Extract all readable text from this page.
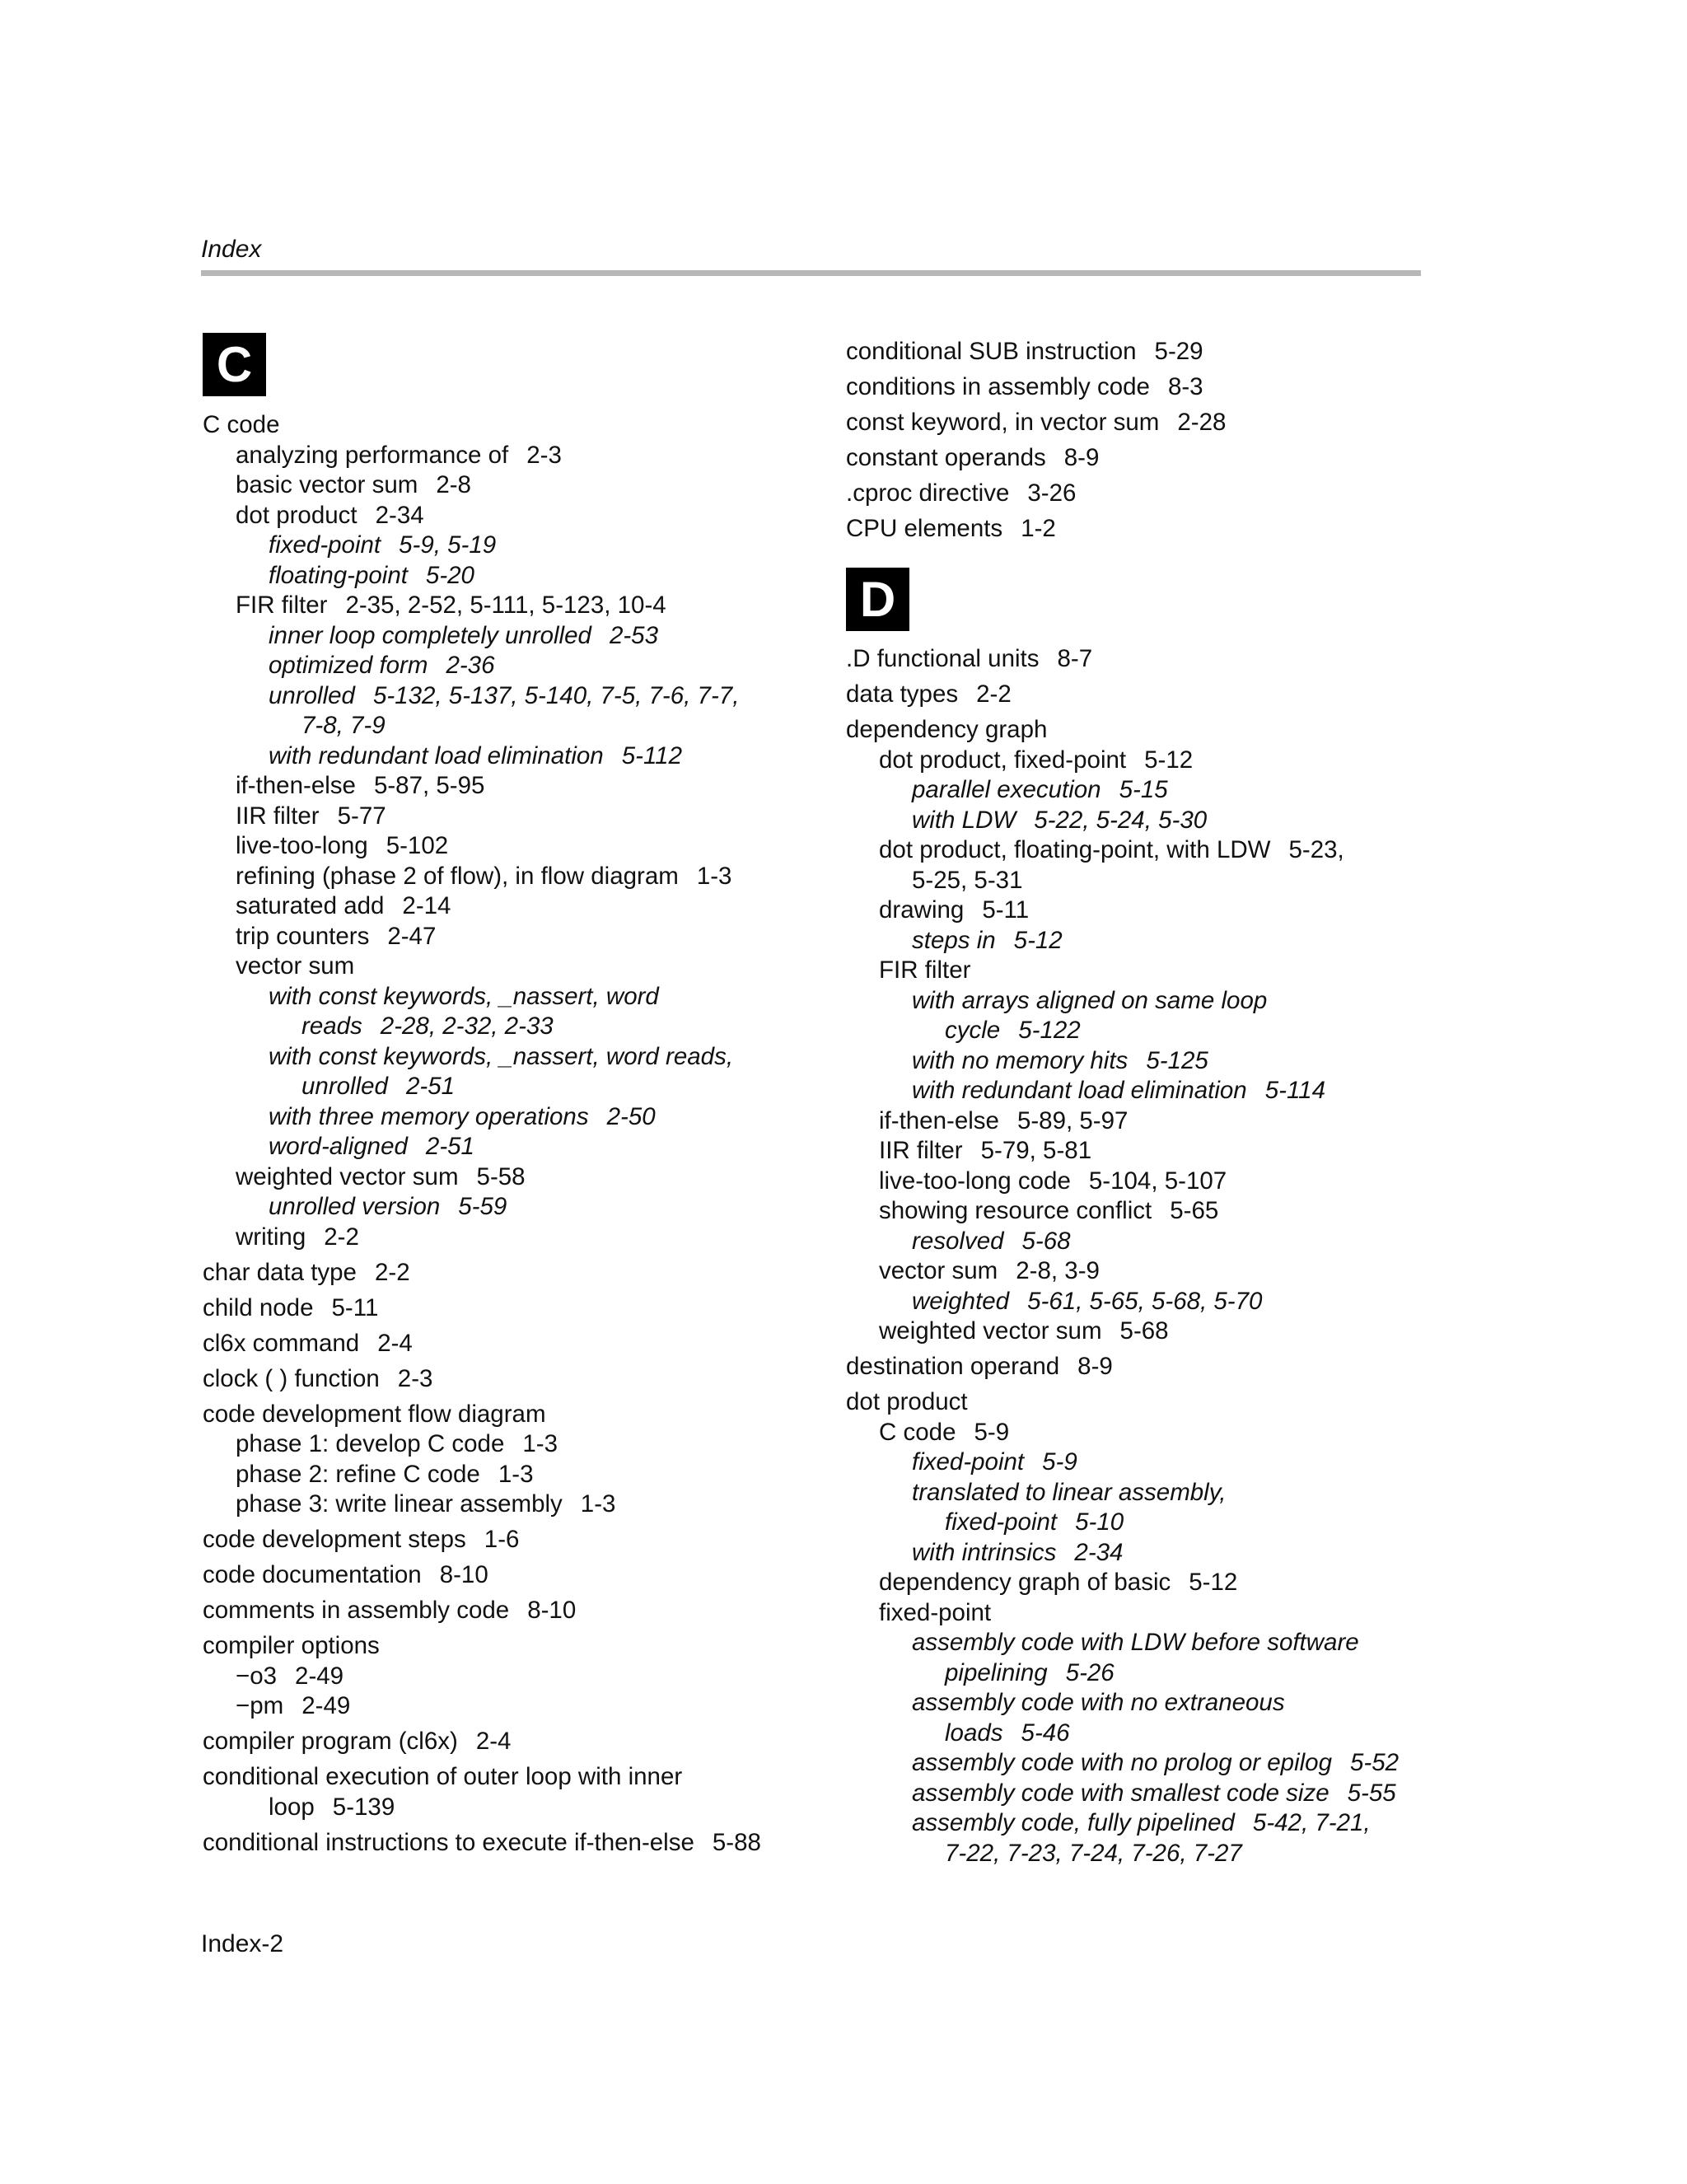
Index
C
C code
analyzing performance of 2-3
basic vector sum 2-8
dot product 2-34
fixed-point 5-9, 5-19
floating-point 5-20
FIR filter 2-35, 2-52, 5-111, 5-123, 10-4
inner loop completely unrolled 2-53
optimized form 2-36
unrolled 5-132, 5-137, 5-140, 7-5, 7-6, 7-7,
7-8, 7-9
with redundant load elimination 5-112
if-then-else 5-87, 5-95
IIR filter 5-77
live-too-long 5-102
refining (phase 2 of flow), in flow diagram 1-3
saturated add 2-14
trip counters 2-47
vector sum
with const keywords, _nassert, word
reads 2-28, 2-32, 2-33
with const keywords, _nassert, word reads,
unrolled 2-51
with three memory operations 2-50
word-aligned 2-51
weighted vector sum 5-58
unrolled version 5-59
writing 2-2
char data type 2-2
child node 5-11
cl6x command 2-4
clock ( ) function 2-3
code development flow diagram
phase 1: develop C code 1-3
phase 2: refine C code 1-3
phase 3: write linear assembly 1-3
code development steps 1-6
code documentation 8-10
comments in assembly code 8-10
compiler options
−o3 2-49
−pm 2-49
compiler program (cl6x) 2-4
conditional execution of outer loop with inner
loop 5-139
conditional instructions to execute if-then-else 5-88
D
conditional SUB instruction 5-29
conditions in assembly code 8-3
const keyword, in vector sum 2-28
constant operands 8-9
.cproc directive 3-26
CPU elements 1-2
.D functional units 8-7
data types 2-2
dependency graph
dot product, fixed-point 5-12
parallel execution 5-15
with LDW 5-22, 5-24, 5-30
dot product, floating-point, with LDW 5-23,
5-25, 5-31
drawing 5-11
steps in 5-12
FIR filter
with arrays aligned on same loop
cycle 5-122
with no memory hits 5-125
with redundant load elimination 5-114
if-then-else 5-89, 5-97
IIR filter 5-79, 5-81
live-too-long code 5-104, 5-107
showing resource conflict 5-65
resolved 5-68
vector sum 2-8, 3-9
weighted 5-61, 5-65, 5-68, 5-70
weighted vector sum 5-68
destination operand 8-9
dot product
C code 5-9
fixed-point 5-9
translated to linear assembly,
fixed-point 5-10
with intrinsics 2-34
dependency graph of basic 5-12
fixed-point
assembly code with LDW before software
pipelining 5-26
assembly code with no extraneous
loads 5-46
assembly code with no prolog or epilog 5-52
assembly code with smallest code size 5-55
assembly code, fully pipelined 5-42, 7-21,
7-22, 7-23, 7-24, 7-26, 7-27
Index-2
